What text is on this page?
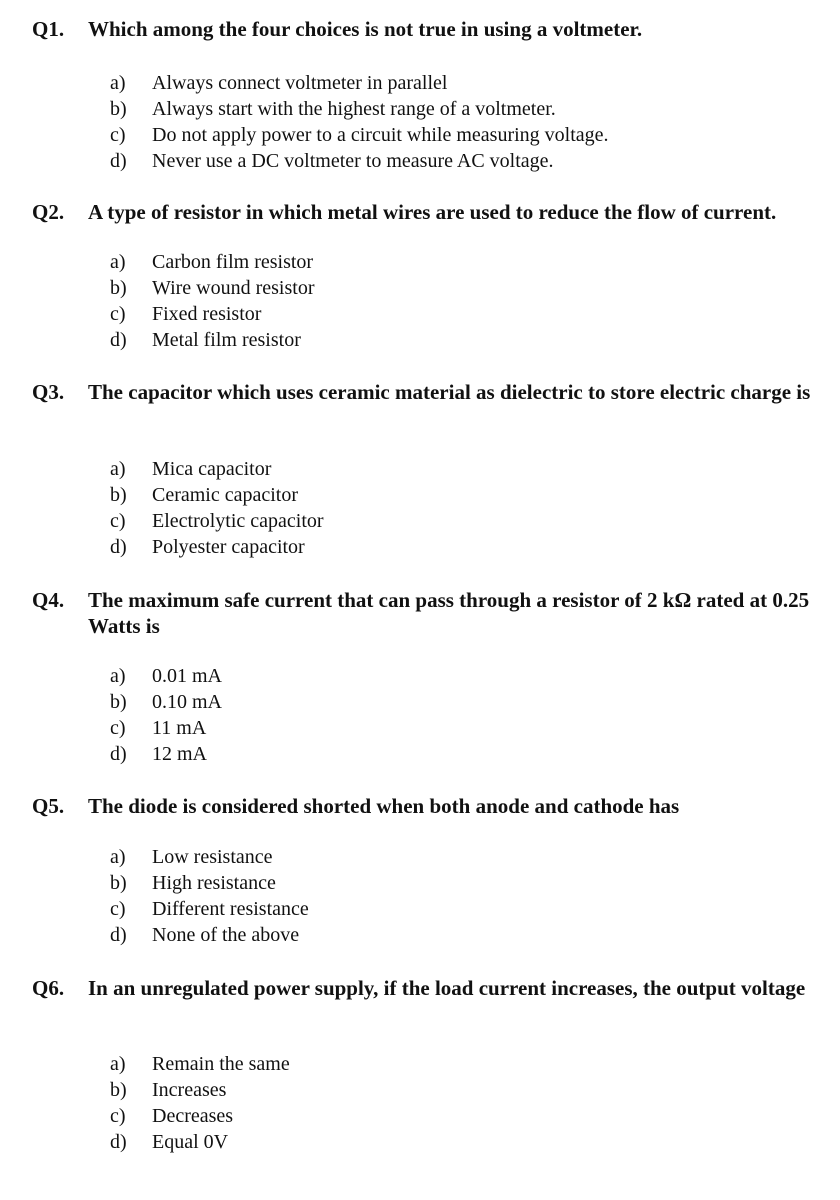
Q1. Which among the four choices is not true in using a voltmeter.
a) Always connect voltmeter in parallel
b) Always start with the highest range of a voltmeter.
c) Do not apply power to a circuit while measuring voltage.
d) Never use a DC voltmeter to measure AC voltage.
Q2. A type of resistor in which metal wires are used to reduce the flow of current.
a) Carbon film resistor
b) Wire wound resistor
c) Fixed resistor
d) Metal film resistor
Q3. The capacitor which uses ceramic material as dielectric to store electric charge is
a) Mica capacitor
b) Ceramic capacitor
c) Electrolytic capacitor
d) Polyester capacitor
Q4. The maximum safe current that can pass through a resistor of 2 kΩ rated at 0.25 Watts is
a) 0.01 mA
b) 0.10 mA
c) 11 mA
d) 12 mA
Q5. The diode is considered shorted when both anode and cathode has
a) Low resistance
b) High resistance
c) Different resistance
d) None of the above
Q6. In an unregulated power supply, if the load current increases, the output voltage
a) Remain the same
b) Increases
c) Decreases
d) Equal 0V
